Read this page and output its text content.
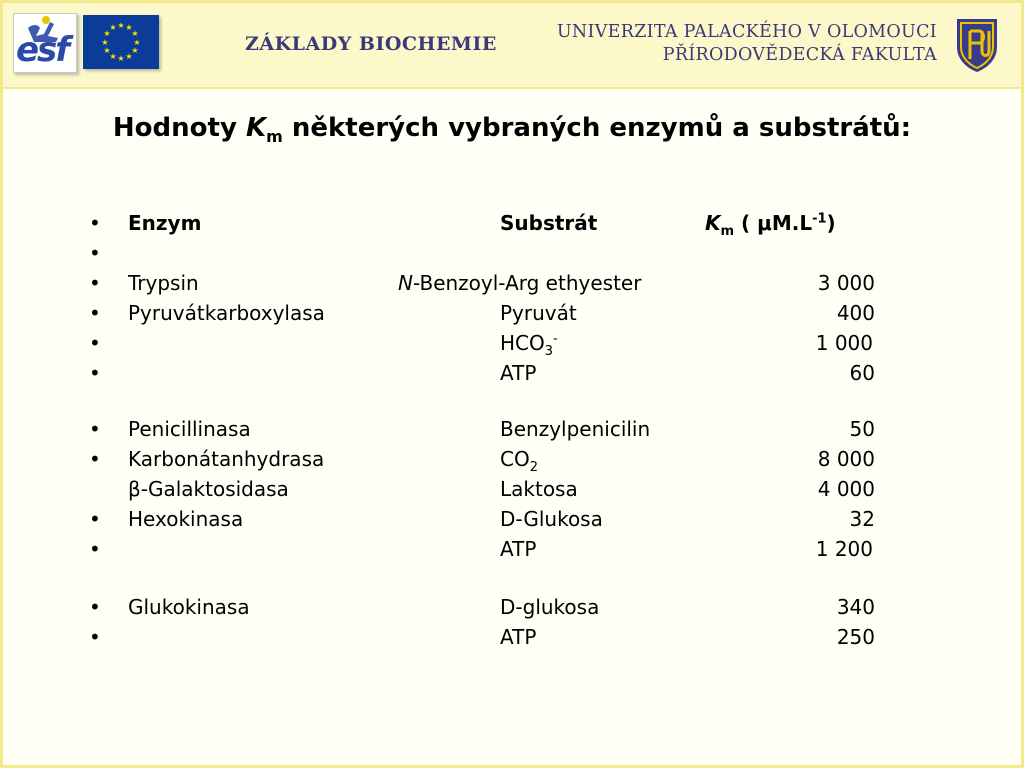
esf
★ ★
★
★
★
★
★
★
★
★
★
★
ZÁKLADY BIOCHEMIE
UNIVERZITA PALACKÉHO V OLOMOUCI
PŘÍRODOVĚDECKÁ FAKULTA
Hodnoty $K_m$ některých vybraných enzymů a substrátů:
• Enzym	Substrát	$K_m$ ( $\mu M.L^{-1}$)
•
• Trypsin	N-Benzoyl-Arg ethyester	3 000
• Pyruvátkarboxylasa	Pyruvát	400
•	$HCO_3^-$	1 000
•	ATP	60
• Penicillinasa	Benzylpenicilin	50
• Karbonátanhydrasa	$CO_2$	8 000
β-Galaktosidasa	Laktosa	4 000
• Hexokinasa	D-Glukosa	32
•	ATP	1 200
• Glukokinasa	D-glukosa	340
•	ATP	250
